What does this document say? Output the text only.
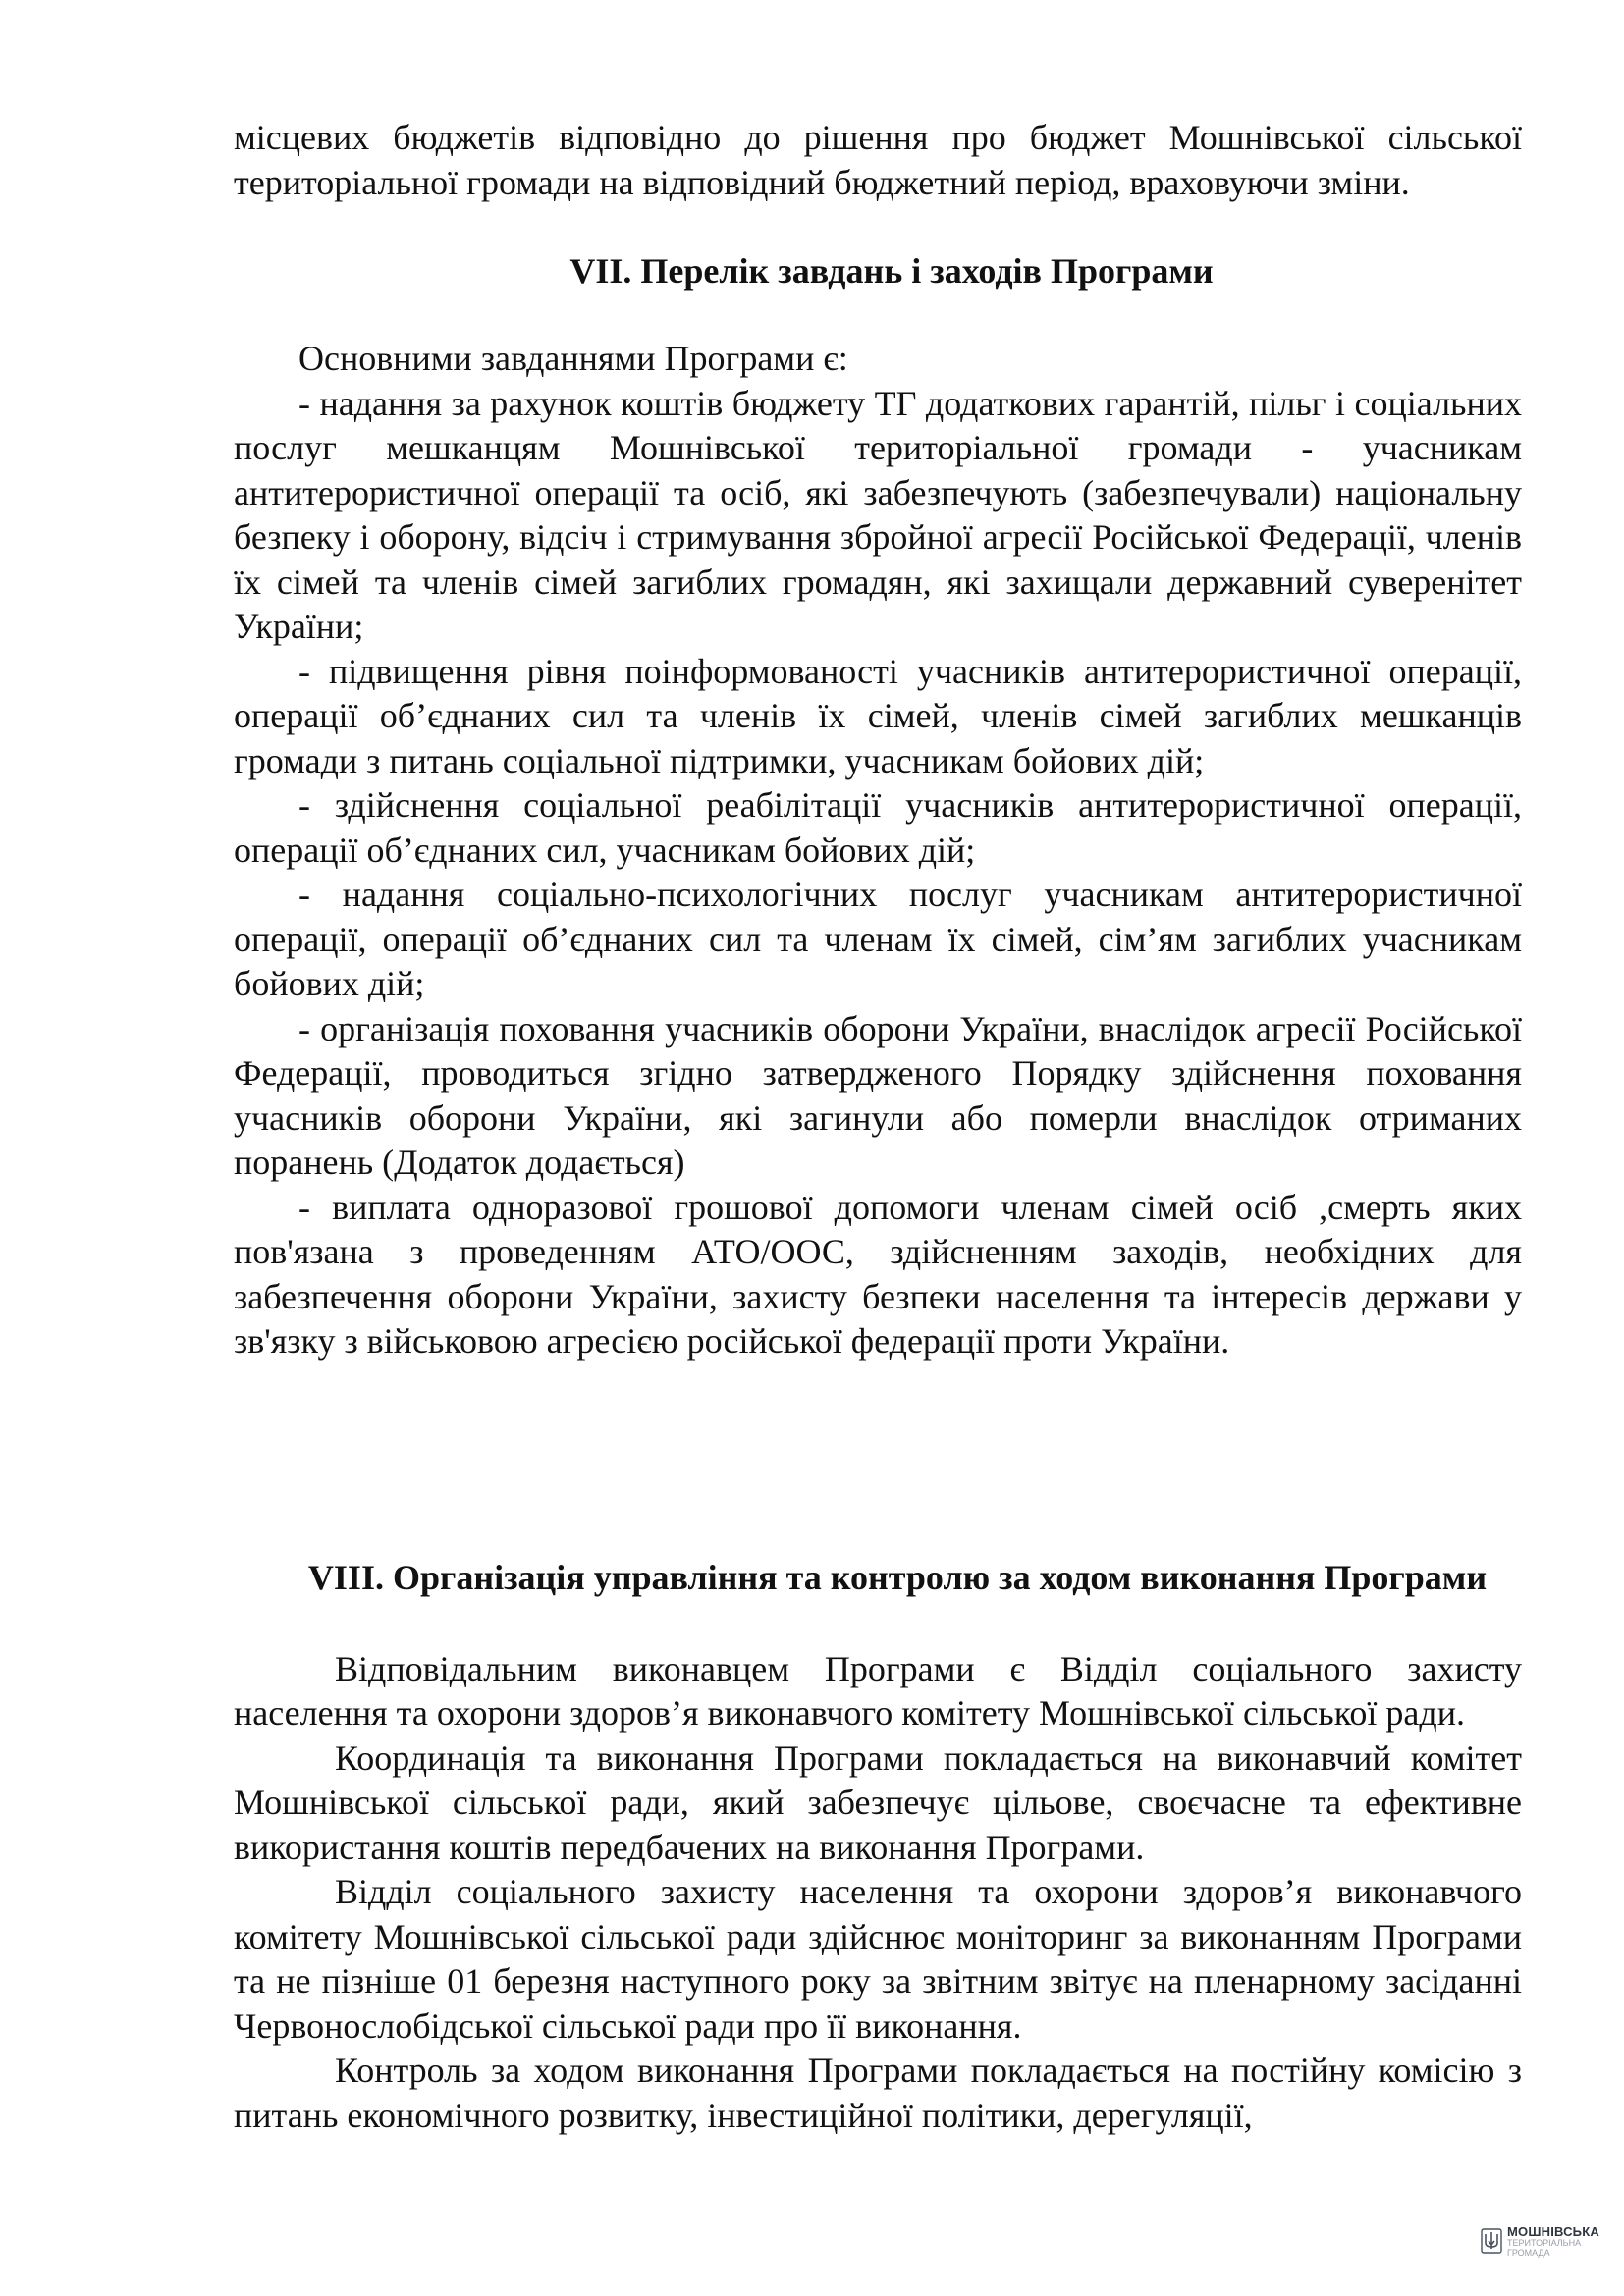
місцевих бюджетів відповідно до рішення про бюджет Мошнівської сільської територіальної громади на відповідний бюджетний період, враховуючи зміни.

VІІ. Перелік завдань і заходів Програми

Основними завданнями Програми є:

- надання за рахунок коштів бюджету ТГ додаткових гарантій, пільг і соціальних послуг мешканцям Мошнівської територіальної громади - учасникам антитерористичної операції та осіб, які забезпечують (забезпечували) національну безпеку і оборону, відсіч і стримування збройної агресії Російської Федерації, членів їх сімей та членів сімей загиблих громадян, які захищали державний суверенітет України;

- підвищення рівня поінформованості учасників антитерористичної операції, операції об’єднаних сил та членів їх сімей, членів сімей загиблих мешканців громади з питань соціальної підтримки, учасникам бойових дій;

- здійснення соціальної реабілітації учасників антитерористичної операції, операції об’єднаних сил, учасникам бойових дій;

- надання соціально-психологічних послуг учасникам антитерористичної операції, операції об’єднаних сил та членам їх сімей, сім’ям загиблих учасникам бойових дій;

- організація поховання учасників оборони України, внаслідок агресії Російської Федерації, проводиться згідно затвердженого Порядку здійснення поховання учасників оборони України, які загинули або померли внаслідок отриманих поранень (Додаток додається)

- виплата одноразової грошової допомоги членам сімей осіб ,смерть яких пов'язана з проведенням АТО/ООС, здійсненням заходів, необхідних для забезпечення оборони України, захисту безпеки населення та інтересів держави у зв'язку з військовою агресією російської федерації проти України.

VІІІ. Організація управління та контролю за ходом виконання Програми

Відповідальним виконавцем Програми є Відділ соціального захисту населення та охорони здоров’я виконавчого комітету Мошнівської сільської ради.

Координація та виконання Програми покладається на виконавчий комітет Мошнівської сільської ради, який забезпечує цільове, своєчасне та ефективне використання коштів передбачених на виконання Програми.

Відділ соціального захисту населення та охорони здоров’я виконавчого комітету Мошнівської сільської ради здійснює моніторинг за виконанням Програми та не пізніше 01 березня наступного року за звітним звітує на пленарному засіданні Червонослобідської сільської ради про її виконання.

Контроль за ходом виконання Програми покладається на постійну комісію з питань економічного розвитку, інвестиційної політики, дерегуляції,

МОШНІВСЬКА
ТЕРИТОРІАЛЬНА
ГРОМАДА
